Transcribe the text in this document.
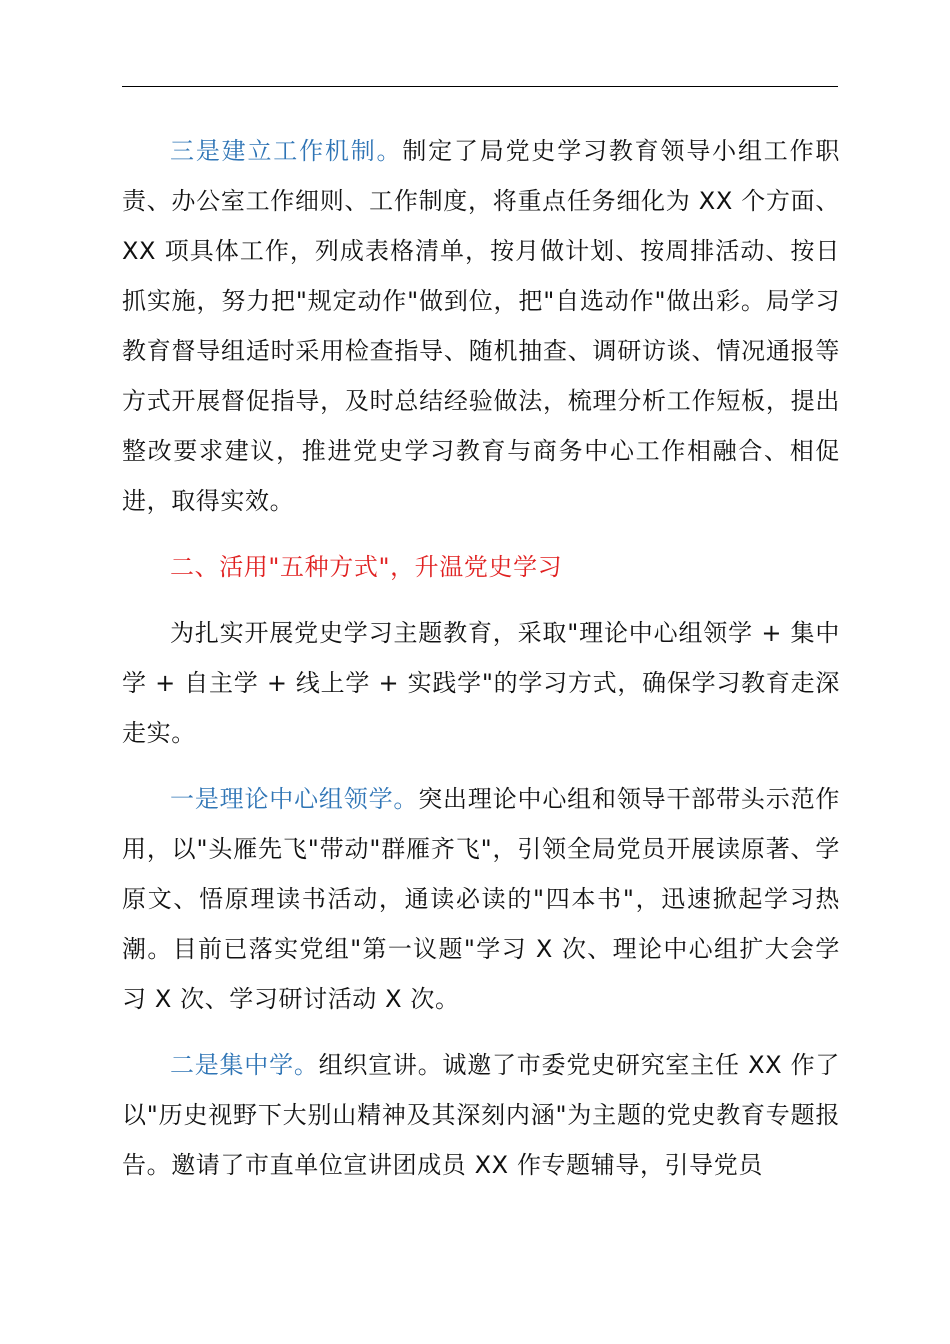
三是建立工作机制。制定了局党史学习教育领导小组工作职责、办公室工作细则、工作制度，将重点任务细化为 XX 个方面、XX 项具体工作，列成表格清单，按月做计划、按周排活动、按日抓实施，努力把"规定动作"做到位，把"自选动作"做出彩。局学习教育督导组适时采用检查指导、随机抽查、调研访谈、情况通报等方式开展督促指导，及时总结经验做法，梳理分析工作短板，提出整改要求建议，推进党史学习教育与商务中心工作相融合、相促进，取得实效。

二、活用"五种方式"，升温党史学习

为扎实开展党史学习主题教育，采取"理论中心组领学 + 集中学 + 自主学 + 线上学 + 实践学"的学习方式，确保学习教育走深走实。

一是理论中心组领学。突出理论中心组和领导干部带头示范作用，以"头雁先飞"带动"群雁齐飞"，引领全局党员开展读原著、学原文、悟原理读书活动，通读必读的"四本书"，迅速掀起学习热潮。目前已落实党组"第一议题"学习 X 次、理论中心组扩大会学习 X 次、学习研讨活动 X 次。

二是集中学。组织宣讲。诚邀了市委党史研究室主任 XX 作了以"历史视野下大别山精神及其深刻内涵"为主题的党史教育专题报告。邀请了市直单位宣讲团成员 XX 作专题辅导，引导党员
